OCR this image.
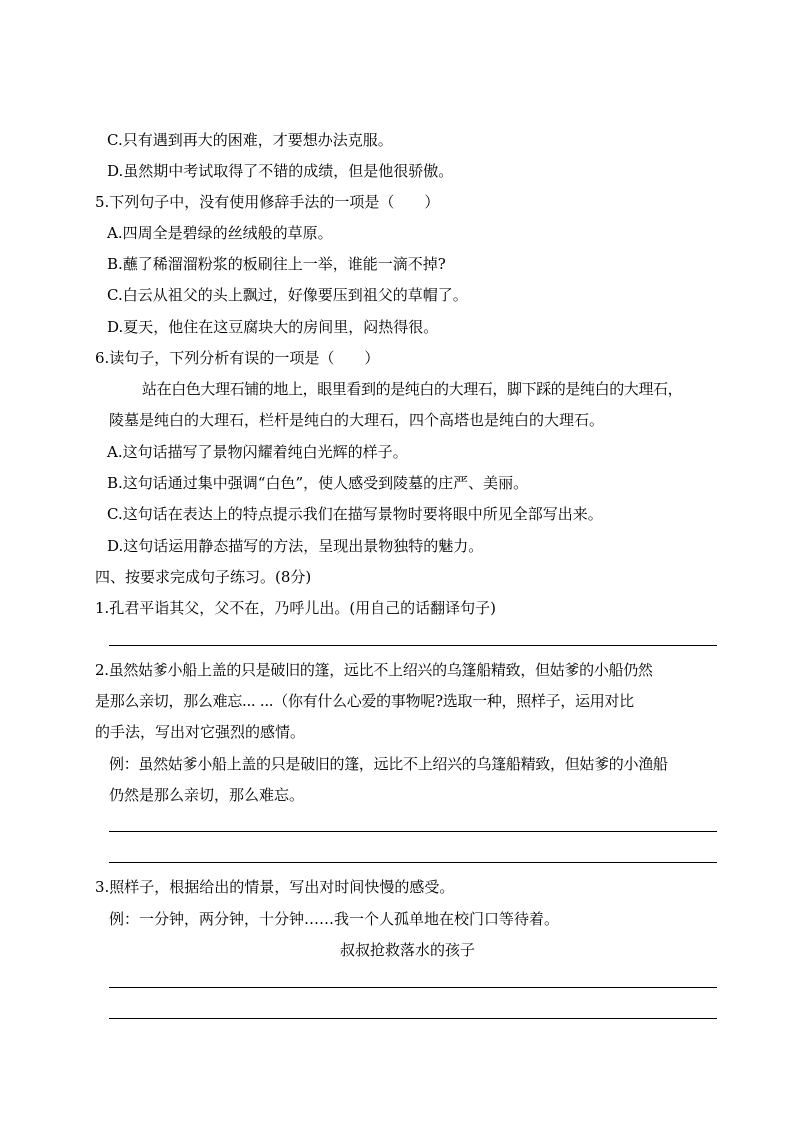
C.只有遇到再大的困难，才要想办法克服。
D.虽然期中考试取得了不错的成绩，但是他很骄傲。
5.下列句子中，没有使用修辞手法的一项是（　　）
A.四周全是碧绿的丝绒般的草原。
B.蘸了稀溜溜粉浆的板刷往上一举，谁能一滴不掉?
C.白云从祖父的头上飘过，好像要压到祖父的草帽了。
D.夏天，他住在这豆腐块大的房间里，闷热得很。
6.读句子，下列分析有误的一项是（　　）
站在白色大理石铺的地上，眼里看到的是纯白的大理石，脚下踩的是纯白的大理石，
陵墓是纯白的大理石，栏杆是纯白的大理石，四个高塔也是纯白的大理石。
A.这句话描写了景物闪耀着纯白光辉的样子。
B.这句话通过集中强调“白色”，使人感受到陵墓的庄严、美丽。
C.这句话在表达上的特点提示我们在描写景物时要将眼中所见全部写出来。
D.这句话运用静态描写的方法，呈现出景物独特的魅力。
四、按要求完成句子练习。(8分)
1.孔君平诣其父，父不在，乃呼儿出。(用自己的话翻译句子)
2.虽然姑爹小船上盖的只是破旧的篷，远比不上绍兴的乌篷船精致，但姑爹的小船仍然
是那么亲切，那么难忘... ...（你有什么心爱的事物呢?选取一种，照样子，运用对比
的手法，写出对它强烈的感情。
例：虽然姑爹小船上盖的只是破旧的篷，远比不上绍兴的乌篷船精致，但姑爹的小渔船
仍然是那么亲切，那么难忘。
3.照样子，根据给出的情景，写出对时间快慢的感受。
例：一分钟，两分钟，十分钟……我一个人孤单地在校门口等待着。
叔叔抢救落水的孩子
